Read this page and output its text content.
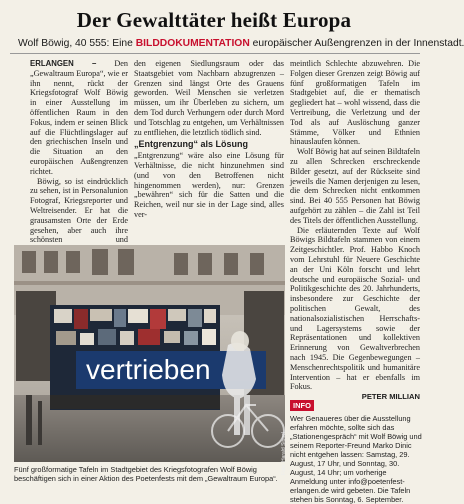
Der Gewalttäter heißt Europa
Wolf Böwig, 40 555: Eine BILDDOKUMENTATION europäischer Außengrenzen in der Innenstadt.

ERLANGEN – Den „Gewaltraum Europa“, wie er ihn nennt, rückt der Kriegsfotograf Wolf Böwig in einer Ausstellung im öffentlichen Raum in den Fokus, indem er seinen Blick auf die Flüchtlingslager auf den griechischen Inseln und die Situation an den europäischen Außengrenzen richtet.

Böwig, so ist eindrücklich zu sehen, ist in Personalunion Fotograf, Kriegsreporter und Weltreisender. Er hat die grausamsten Orte der Erde gesehen, aber auch ihre schönsten und

den eigenen Siedlungsraum oder das Staatsgebiet vom Nachbarn abzugrenzen – Grenzen sind längst Orte des Grauens geworden. Weil Menschen sie verletzen müssen, um ihr Überleben zu sichern, um dem Tod durch Verhungern oder durch Mord und Totschlag zu entgehen, um Verhältnissen zu entfliehen, die letztlich tödlich sind.

„Entgrenzung“ als Lösung

„Entgrenzung“ wäre also eine Lösung für Verhältnisse, die nicht hinzunehmen sind (und von den Betroffenen nicht hingenommen werden), nur: Grenzen „bewähren“ sich für die Satten und die Reichen, weil nur sie in der Lage sind, alles ver-

meintlich Schlechte abzuwehren. Die Folgen dieser Grenzen zeigt Böwig auf fünf großformatigen Tafeln im Stadtgebiet auf, die er thematisch gegliedert hat – wohl wissend, dass die Vertreibung, die Verletzung und der Tod als auf Auslöschung ganzer Stämme, Völker und Ethnien hinauslaufen können.

Wolf Böwig hat auf seinen Bildtafeln zu allen Schrecken erschreckende Bilder gesetzt, auf der Rückseite sind jeweils die Namen derjenigen zu lesen, die dem Schrecken nicht entkommen sind. Bei 40 555 Personen hat Böwig aufgehört zu zählen – die Zahl ist Teil des Titels der öffentlichen Ausstellung.

Die erläuternden Texte auf Wolf Böwigs Bildtafeln stammen von einem Zeitgeschichtler. Prof. Habbo Knoch vom Lehrstuhl für Neuere Geschichte an der Uni Köln forscht und lehrt deutsche und europäische Sozial- und Politikgeschichte des 20. Jahrhunderts, insbesondere zur Geschichte der politischen Gewalt, des nationalsozialistischen Herrschafts- und Lagersystems sowie der Repräsentationen und kollektiven Erinnerung von Gewaltverbrechen nach 1945. Die Gegenbewegungen – Menschenrechtspolitik und humanitäre Intervention – hat er ebenfalls im Fokus.

PETER MILLIAN
vertrieben
Foto: Harald Sippel
Fünf großformatige Tafeln im Stadtgebiet des Kriegsfotografen Wolf Böwig beschäftigen sich in einer Aktion des Poetenfests mit dem „Gewaltraum Europa“.
INFO
Wer Genaueres über die Ausstellung erfahren möchte, sollte sich das „Stationengespräch“ mit Wolf Böwig und seinem Reporter-Freund Marko Dinic nicht entgehen lassen: Samstag, 29. August, 17 Uhr, und Sonntag, 30. August, 14 Uhr; um vorherige Anmeldung unter info@poetenfest-erlangen.de wird gebeten. Die Tafeln stehen bis Sonntag, 6. September.
